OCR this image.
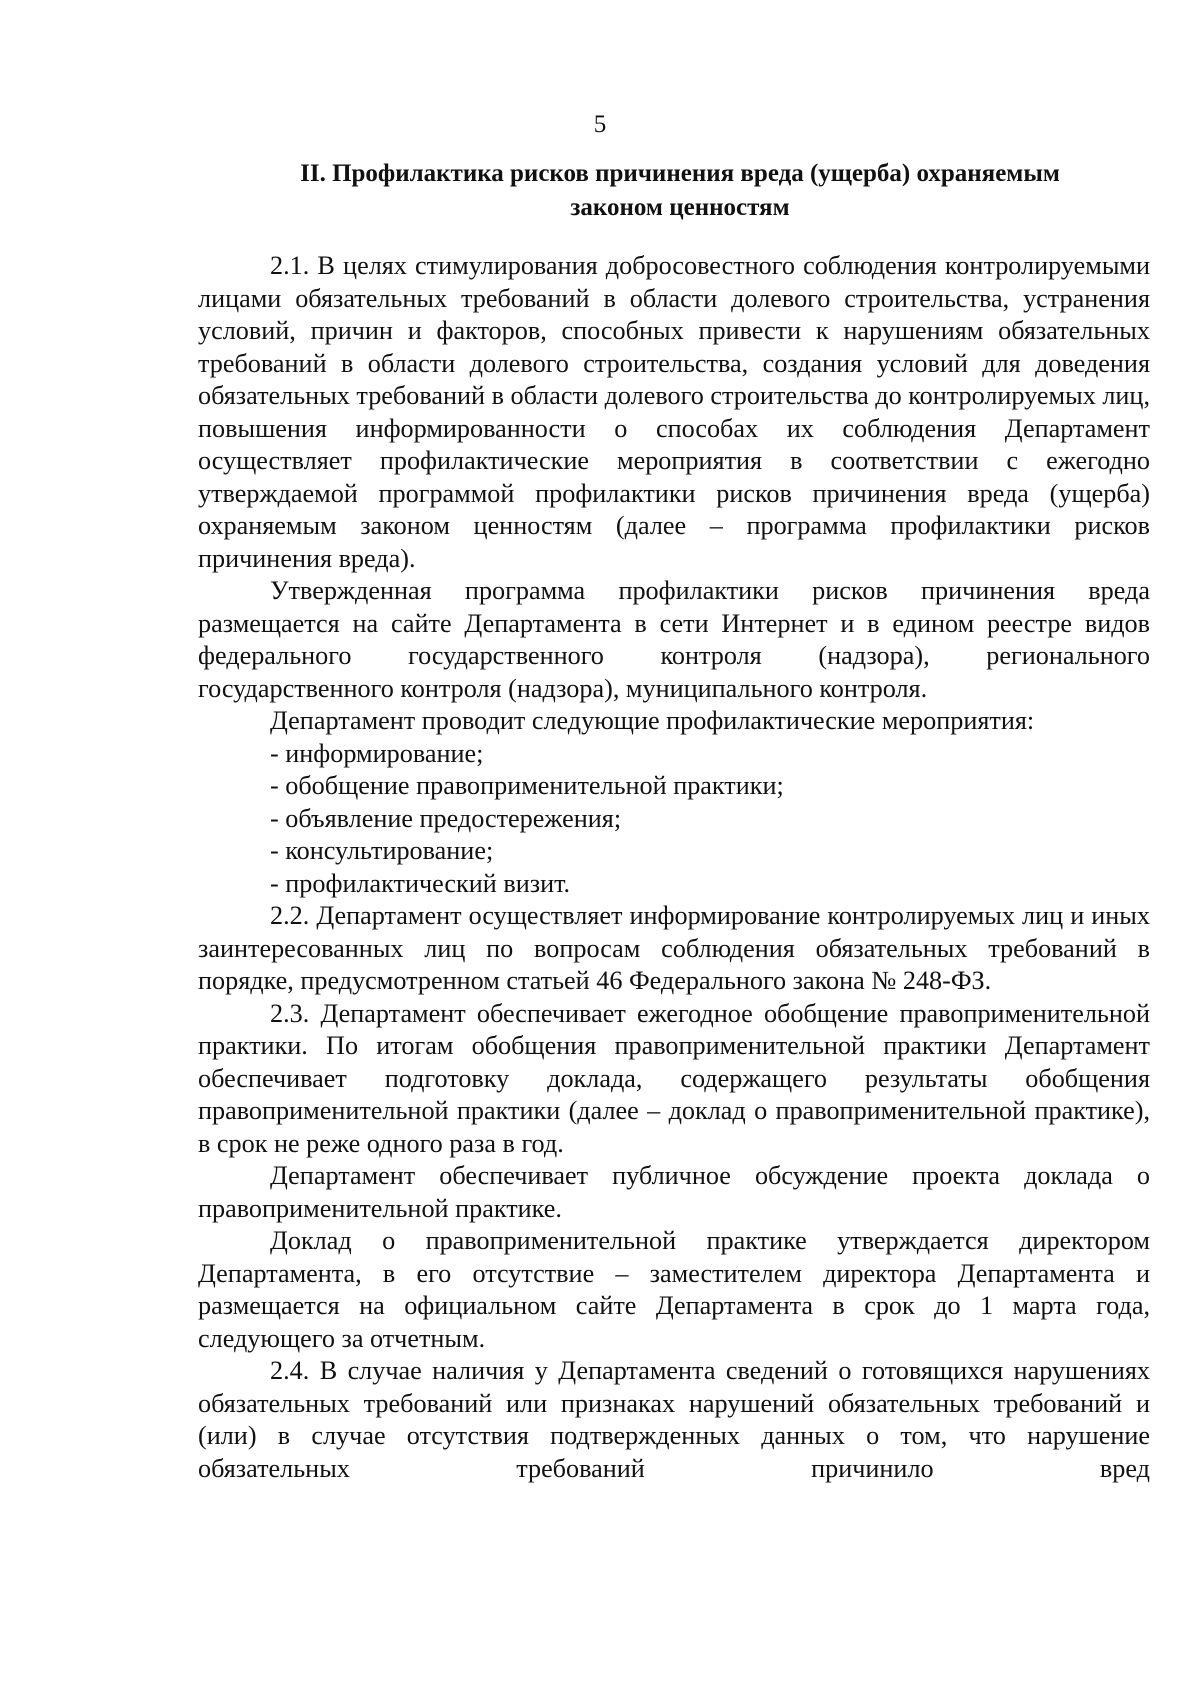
5
II. Профилактика рисков причинения вреда (ущерба) охраняемым
законом ценностям

2.1. В целях стимулирования добросовестного соблюдения контролируемыми лицами обязательных требований в области долевого строительства, устранения условий, причин и факторов, способных привести к нарушениям обязательных требований в области долевого строительства, создания условий для доведения обязательных требований в области долевого строительства до контролируемых лиц, повышения информированности о способах их соблюдения Департамент осуществляет профилактические мероприятия в соответствии с ежегодно утверждаемой программой профилактики рисков причинения вреда (ущерба) охраняемым законом ценностям (далее – программа профилактики рисков причинения вреда).

Утвержденная программа профилактики рисков причинения вреда размещается на сайте Департамента в сети Интернет и в едином реестре видов федерального государственного контроля (надзора), регионального государственного контроля (надзора), муниципального контроля.

Департамент проводит следующие профилактические мероприятия:

- информирование;

- обобщение правоприменительной практики;

- объявление предостережения;

- консультирование;

- профилактический визит.

2.2. Департамент осуществляет информирование контролируемых лиц и иных заинтересованных лиц по вопросам соблюдения обязательных требований в порядке, предусмотренном статьей 46 Федерального закона № 248-ФЗ.

2.3. Департамент обеспечивает ежегодное обобщение правоприменительной практики. По итогам обобщения правоприменительной практики Департамент обеспечивает подготовку доклада, содержащего результаты обобщения правоприменительной практики (далее – доклад о правоприменительной практике), в срок не реже одного раза в год.

Департамент обеспечивает публичное обсуждение проекта доклада о правоприменительной практике.

Доклад о правоприменительной практике утверждается директором Департамента, в его отсутствие – заместителем директора Департамента и размещается на официальном сайте Департамента в срок до 1 марта года, следующего за отчетным.

2.4. В случае наличия у Департамента сведений о готовящихся нарушениях обязательных требований или признаках нарушений обязательных требований и (или) в случае отсутствия подтвержденных данных о том, что нарушение обязательных требований причинило вред
